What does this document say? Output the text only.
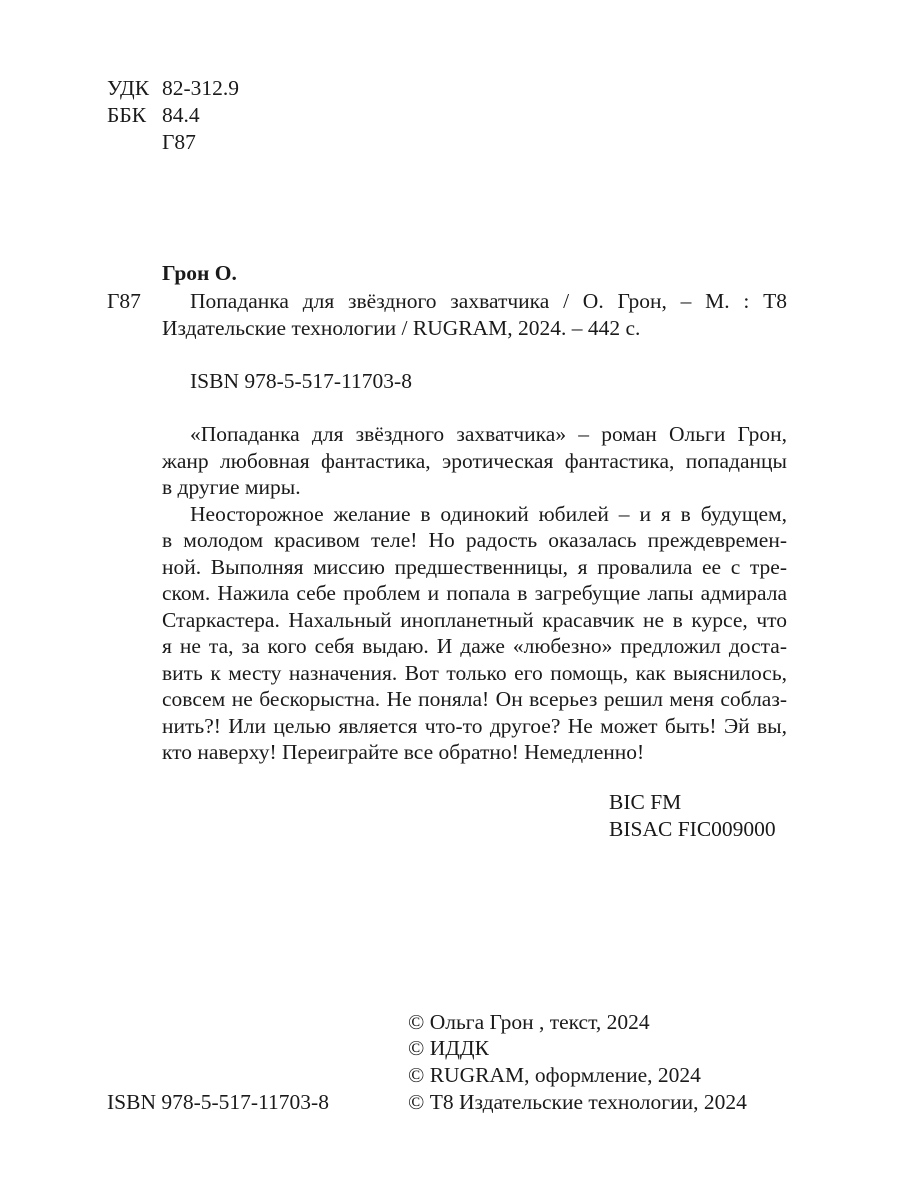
УДК 82-312.9
ББК 84.4
Г87
Грон О.
Г87 Попаданка для звёздного захватчика / О. Грон, – М. : Т8
Издательские технологии / RUGRAM, 2024. – 442 с.
ISBN 978-5-517-11703-8
«Попаданка для звёздного захватчика» – роман Ольги Грон,
жанр любовная фантастика, эротическая фантастика, попаданцы
в другие миры.
Неосторожное желание в одинокий юбилей – и я в будущем,
в молодом красивом теле! Но радость оказалась преждевремен-
ной. Выполняя миссию предшественницы, я провалила ее с тре-
ском. Нажила себе проблем и попала в загребущие лапы адмирала
Старкастера. Нахальный инопланетный красавчик не в курсе, что
я не та, за кого себя выдаю. И даже «любезно» предложил доста-
вить к месту назначения. Вот только его помощь, как выяснилось,
совсем не бескорыстна. Не поняла! Он всерьез решил меня соблаз-
нить?! Или целью является что-то другое? Не может быть! Эй вы,
кто наверху! Переиграйте все обратно! Немедленно!
BIC FM
BISAC FIC009000
© Ольга Грон , текст, 2024
© ИДДК
© RUGRAM, оформление, 2024
© Т8 Издательские технологии, 2024
ISBN 978-5-517-11703-8
